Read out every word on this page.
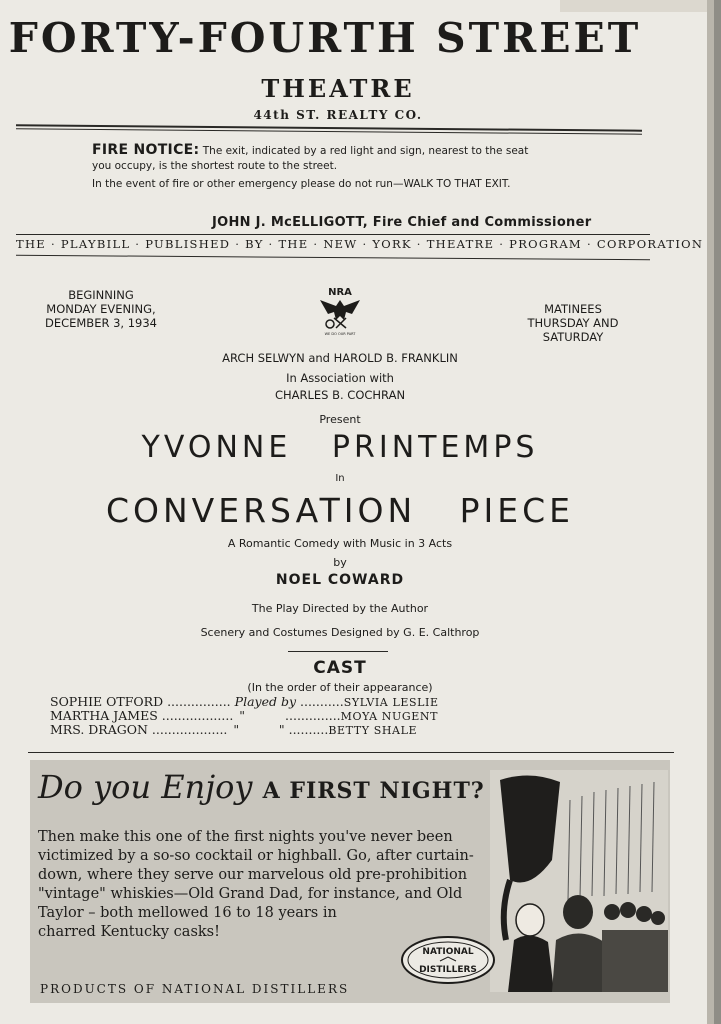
FORTY-FOURTH STREET
THEATRE
44th ST. REALTY CO.
FIRE NOTICE: The exit, indicated by a red light and sign, nearest to the seat
you occupy, is the shortest route to the street.
In the event of fire or other emergency please do not run—WALK TO THAT EXIT.
JOHN J. McELLIGOTT, Fire Chief and Commissioner
THE · PLAYBILL · PUBLISHED · BY · THE · NEW · YORK · THEATRE · PROGRAM · CORPORATION
BEGINNING
MONDAY EVENING,
DECEMBER 3, 1934
MATINEES
THURSDAY AND
SATURDAY
NRA
WE DO OUR PART
ARCH SELWYN and HAROLD B. FRANKLIN
In Association with
CHARLES B. COCHRAN
Present
YVONNE   PRINTEMPS
In
CONVERSATION   PIECE
A Romantic Comedy with Music in 3 Acts
by
NOEL COWARD
The Play Directed by the Author
Scenery and Costumes Designed by G. E. Calthrop
CAST
(In the order of their appearance)
SOPHIE OTFORD ................ Played by ...........SYLVIA LESLIE
MARTHA JAMES .................. "	..............MOYA NUGENT
MRS. DRAGON ................... "          " ..........BETTY SHALE
Do you Enjoy A FIRST NIGHT?
Then make this one of the first nights you've never been
victimized by a so-so cocktail or highball. Go, after curtain-
down, where they serve our marvelous old pre-prohibition
"vintage" whiskies—Old Grand Dad, for instance, and Old
Taylor – both mellowed 16 to 18 years in
charred Kentucky casks!
PRODUCTS OF NATIONAL DISTILLERS
NATIONAL
DISTILLERS
